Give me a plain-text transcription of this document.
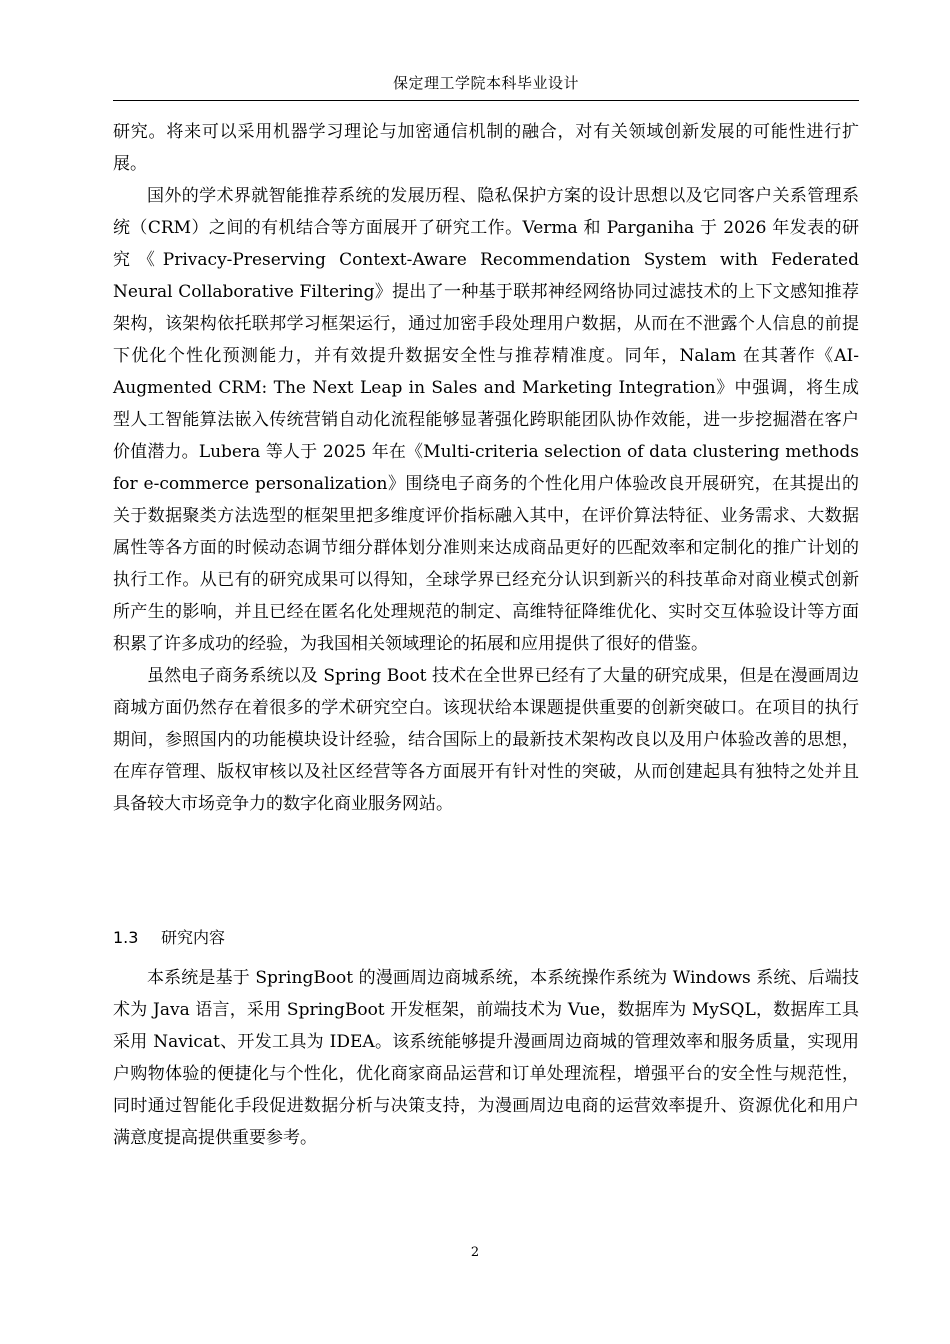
保定理工学院本科毕业设计

研究。将来可以采用机器学习理论与加密通信机制的融合，对有关领域创新发展的可能性进行扩展。

国外的学术界就智能推荐系统的发展历程、隐私保护方案的设计思想以及它同客户关系管理系统（CRM）之间的有机结合等方面展开了研究工作。Verma 和 Parganiha 于 2026 年发表的研究《Privacy-Preserving Context-Aware Recommendation System with Federated Neural Collaborative Filtering》提出了一种基于联邦神经网络协同过滤技术的上下文感知推荐架构，该架构依托联邦学习框架运行，通过加密手段处理用户数据，从而在不泄露个人信息的前提下优化个性化预测能力，并有效提升数据安全性与推荐精准度。同年，Nalam 在其著作《AI-Augmented CRM: The Next Leap in Sales and Marketing Integration》中强调，将生成型人工智能算法嵌入传统营销自动化流程能够显著强化跨职能团队协作效能，进一步挖掘潜在客户价值潜力。Lubera 等人于 2025 年在《Multi-criteria selection of data clustering methods for e-commerce personalization》围绕电子商务的个性化用户体验改良开展研究，在其提出的关于数据聚类方法选型的框架里把多维度评价指标融入其中，在评价算法特征、业务需求、大数据属性等各方面的时候动态调节细分群体划分准则来达成商品更好的匹配效率和定制化的推广计划的执行工作。从已有的研究成果可以得知，全球学界已经充分认识到新兴的科技革命对商业模式创新所产生的影响，并且已经在匿名化处理规范的制定、高维特征降维优化、实时交互体验设计等方面积累了许多成功的经验，为我国相关领域理论的拓展和应用提供了很好的借鉴。

虽然电子商务系统以及 Spring Boot 技术在全世界已经有了大量的研究成果，但是在漫画周边商城方面仍然存在着很多的学术研究空白。该现状给本课题提供重要的创新突破口。在项目的执行期间，参照国内的功能模块设计经验，结合国际上的最新技术架构改良以及用户体验改善的思想，在库存管理、版权审核以及社区经营等各方面展开有针对性的突破，从而创建起具有独特之处并且具备较大市场竞争力的数字化商业服务网站。

1.3 研究内容

本系统是基于 SpringBoot 的漫画周边商城系统，本系统操作系统为 Windows 系统、后端技术为 Java 语言，采用 SpringBoot 开发框架，前端技术为 Vue，数据库为 MySQL，数据库工具采用 Navicat、开发工具为 IDEA。该系统能够提升漫画周边商城的管理效率和服务质量，实现用户购物体验的便捷化与个性化，优化商家商品运营和订单处理流程，增强平台的安全性与规范性，同时通过智能化手段促进数据分析与决策支持，为漫画周边电商的运营效率提升、资源优化和用户满意度提高提供重要参考。

2
